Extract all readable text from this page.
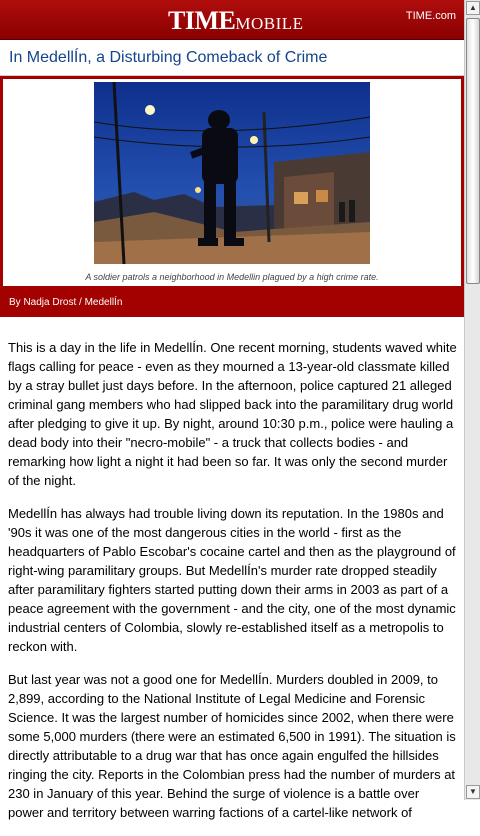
TIMEMOBILE	TIME.com
In MedellÍn, a Disturbing Comeback of Crime
A soldier patrols a neighborhood in Medellin plagued by a high crime rate.
By Nadja Drost / MedellÍn

This is a day in the life in MedellÍn. One recent morning, students waved white flags calling for peace - even as they mourned a 13-year-old classmate killed by a stray bullet just days before. In the afternoon, police captured 21 alleged criminal gang members who had slipped back into the paramilitary drug world after pledging to give it up. By night, around 10:30 p.m., police were hauling a dead body into their "necro-mobile" - a truck that collects bodies - and remarking how light a night it had been so far. It was only the second murder of the night.

MedellÍn has always had trouble living down its reputation. In the 1980s and '90s it was one of the most dangerous cities in the world - first as the headquarters of Pablo Escobar's cocaine cartel and then as the playground of right-wing paramilitary groups. But MedellÍn's murder rate dropped steadily after paramilitary fighters started putting down their arms in 2003 as part of a peace agreement with the government - and the city, one of the most dynamic industrial centers of Colombia, slowly re-established itself as a metropolis to reckon with.

But last year was not a good one for MedellÍn. Murders doubled in 2009, to 2,899, according to the National Institute of Legal Medicine and Forensic Science. It was the largest number of homicides since 2002, when there were some 5,000 murders (there were an estimated 6,500 in 1991). The situation is directly attributable to a drug war that has once again engulfed the hillsides ringing the city. Reports in the Colombian press had the number of murders at 230 in January of this year. Behind the surge of violence is a battle over power and territory between warring factions of a cartel-like network of

▲
▼
